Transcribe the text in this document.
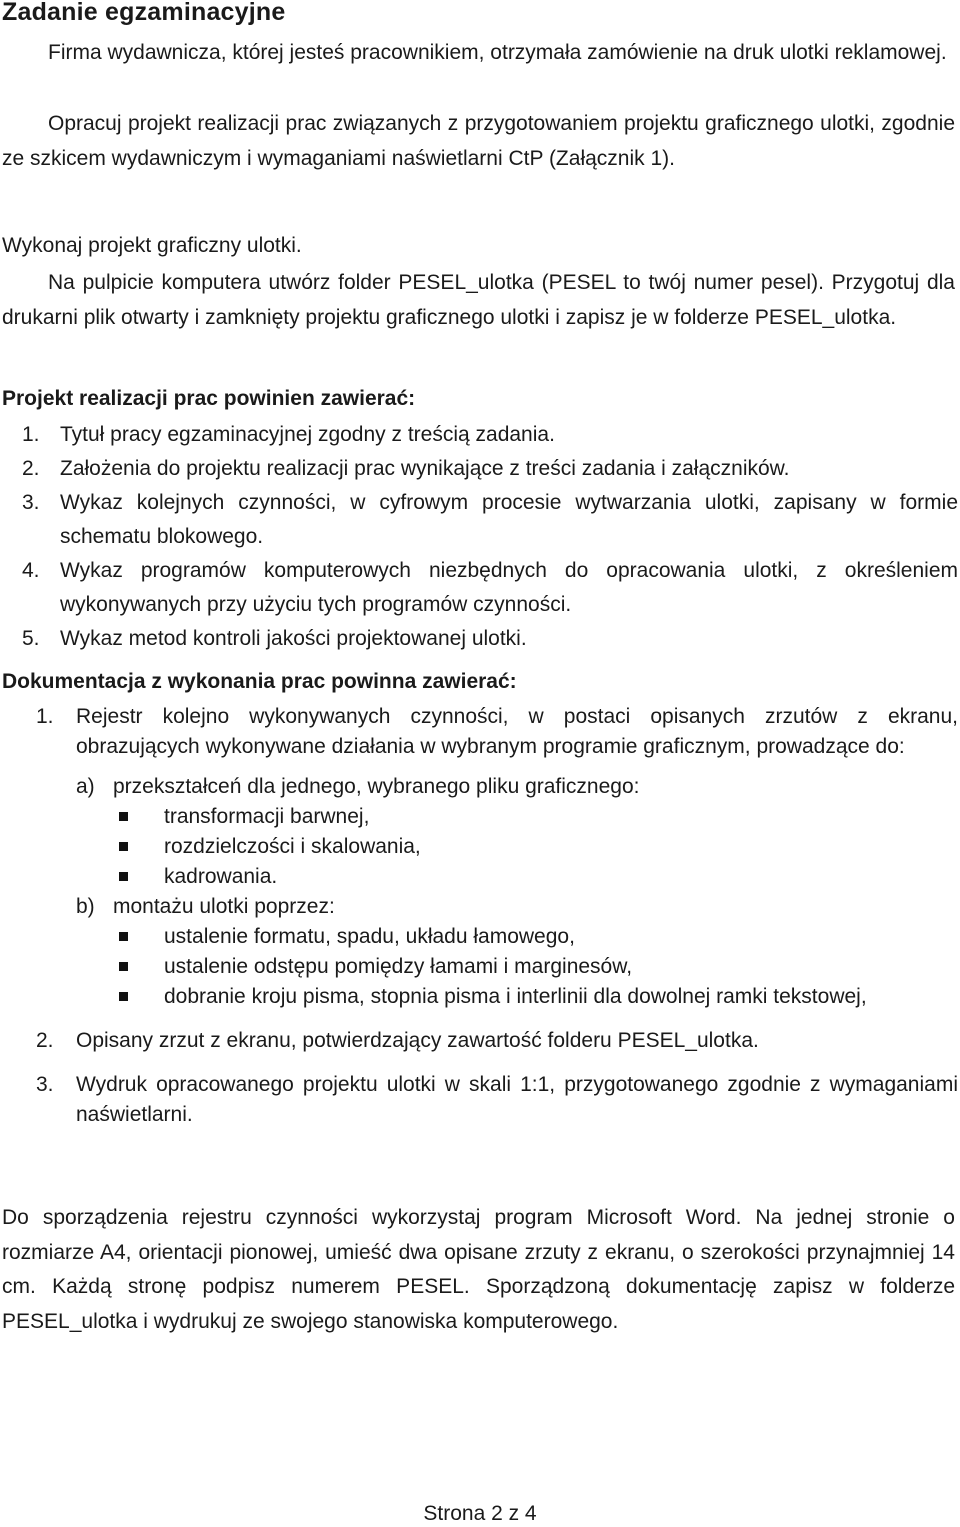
Zadanie egzaminacyjne
Firma wydawnicza, której jesteś pracownikiem, otrzymała zamówienie na druk ulotki reklamowej.
Opracuj projekt realizacji prac związanych z przygotowaniem projektu graficznego ulotki, zgodnie ze szkicem wydawniczym i wymaganiami naświetlarni CtP (Załącznik 1).
Wykonaj projekt graficzny ulotki.
Na pulpicie komputera utwórz folder PESEL_ulotka (PESEL to twój numer pesel). Przygotuj dla drukarni plik otwarty i zamknięty projektu graficznego ulotki i zapisz je w folderze PESEL_ulotka.
Projekt realizacji prac powinien zawierać:
1. Tytuł pracy egzaminacyjnej zgodny z treścią zadania.
2. Założenia do projektu realizacji prac wynikające z treści zadania i załączników.
3. Wykaz kolejnych czynności, w cyfrowym procesie wytwarzania ulotki, zapisany w formie schematu blokowego.
4. Wykaz programów komputerowych niezbędnych do opracowania ulotki, z określeniem wykonywanych przy użyciu tych programów czynności.
5. Wykaz metod kontroli jakości projektowanej ulotki.
Dokumentacja z wykonania prac powinna zawierać:
1. Rejestr kolejno wykonywanych czynności, w postaci opisanych zrzutów z ekranu, obrazujących wykonywane działania w wybranym programie graficznym, prowadzące do:
a) przekształceń dla jednego, wybranego pliku graficznego:
transformacji barwnej,
rozdzielczości i skalowania,
kadrowania.
b) montażu ulotki poprzez:
ustalenie formatu, spadu, układu łamowego,
ustalenie odstępu pomiędzy łamami i marginesów,
dobranie kroju pisma, stopnia pisma i interlinii dla dowolnej ramki tekstowej,
2. Opisany zrzut z ekranu, potwierdzający zawartość folderu PESEL_ulotka.
3. Wydruk opracowanego projektu ulotki w skali 1:1, przygotowanego zgodnie z wymaganiami naświetlarni.
Do sporządzenia rejestru czynności wykorzystaj program Microsoft Word. Na jednej stronie o rozmiarze A4, orientacji pionowej, umieść dwa opisane zrzuty z ekranu, o szerokości przynajmniej 14 cm. Każdą stronę podpisz numerem PESEL. Sporządzoną dokumentację zapisz w folderze PESEL_ulotka i wydrukuj ze swojego stanowiska komputerowego.
Strona 2 z 4
